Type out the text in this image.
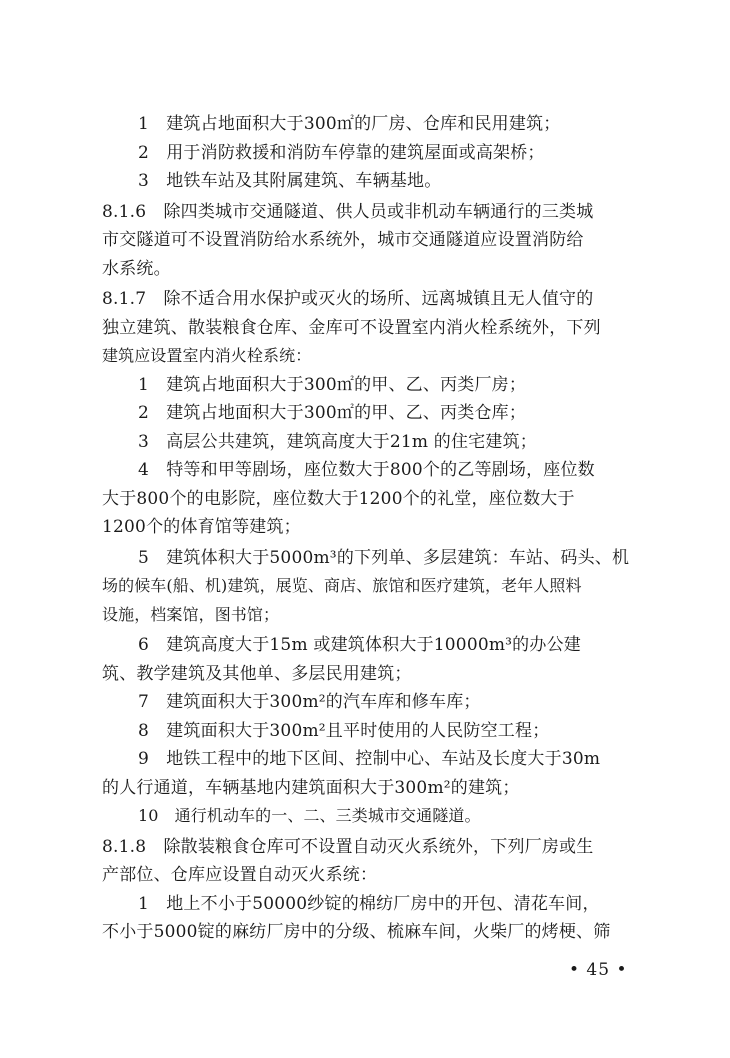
1　建筑占地面积大于300㎡的厂房、仓库和民用建筑；
2　用于消防救援和消防车停靠的建筑屋面或高架桥；
3　地铁车站及其附属建筑、车辆基地。
8.1.6　除四类城市交通隧道、供人员或非机动车辆通行的三类城
市交隧道可不设置消防给水系统外，城市交通隧道应设置消防给
水系统。
8.1.7　除不适合用水保护或灭火的场所、远离城镇且无人值守的
独立建筑、散装粮食仓库、金库可不设置室内消火栓系统外，下列
建筑应设置室内消火栓系统：
1　建筑占地面积大于300㎡的甲、乙、丙类厂房；
2　建筑占地面积大于300㎡的甲、乙、丙类仓库；
3　高层公共建筑，建筑高度大于21m 的住宅建筑；
4　特等和甲等剧场，座位数大于800个的乙等剧场，座位数
大于800个的电影院，座位数大于1200个的礼堂，座位数大于
1200个的体育馆等建筑；
5　建筑体积大于5000m³的下列单、多层建筑：车站、码头、机
场的候车(船、机)建筑，展览、商店、旅馆和医疗建筑，老年人照料
设施，档案馆，图书馆；
6　建筑高度大于15m 或建筑体积大于10000m³的办公建
筑、教学建筑及其他单、多层民用建筑；
7　建筑面积大于300m²的汽车库和修车库；
8　建筑面积大于300m²且平时使用的人民防空工程；
9　地铁工程中的地下区间、控制中心、车站及长度大于30m
的人行通道，车辆基地内建筑面积大于300m²的建筑；
10　通行机动车的一、二、三类城市交通隧道。
8.1.8　除散装粮食仓库可不设置自动灭火系统外，下列厂房或生
产部位、仓库应设置自动灭火系统：
1　地上不小于50000纱锭的棉纺厂房中的开包、清花车间，
不小于5000锭的麻纺厂房中的分级、梳麻车间，火柴厂的烤梗、筛
• 45 •
